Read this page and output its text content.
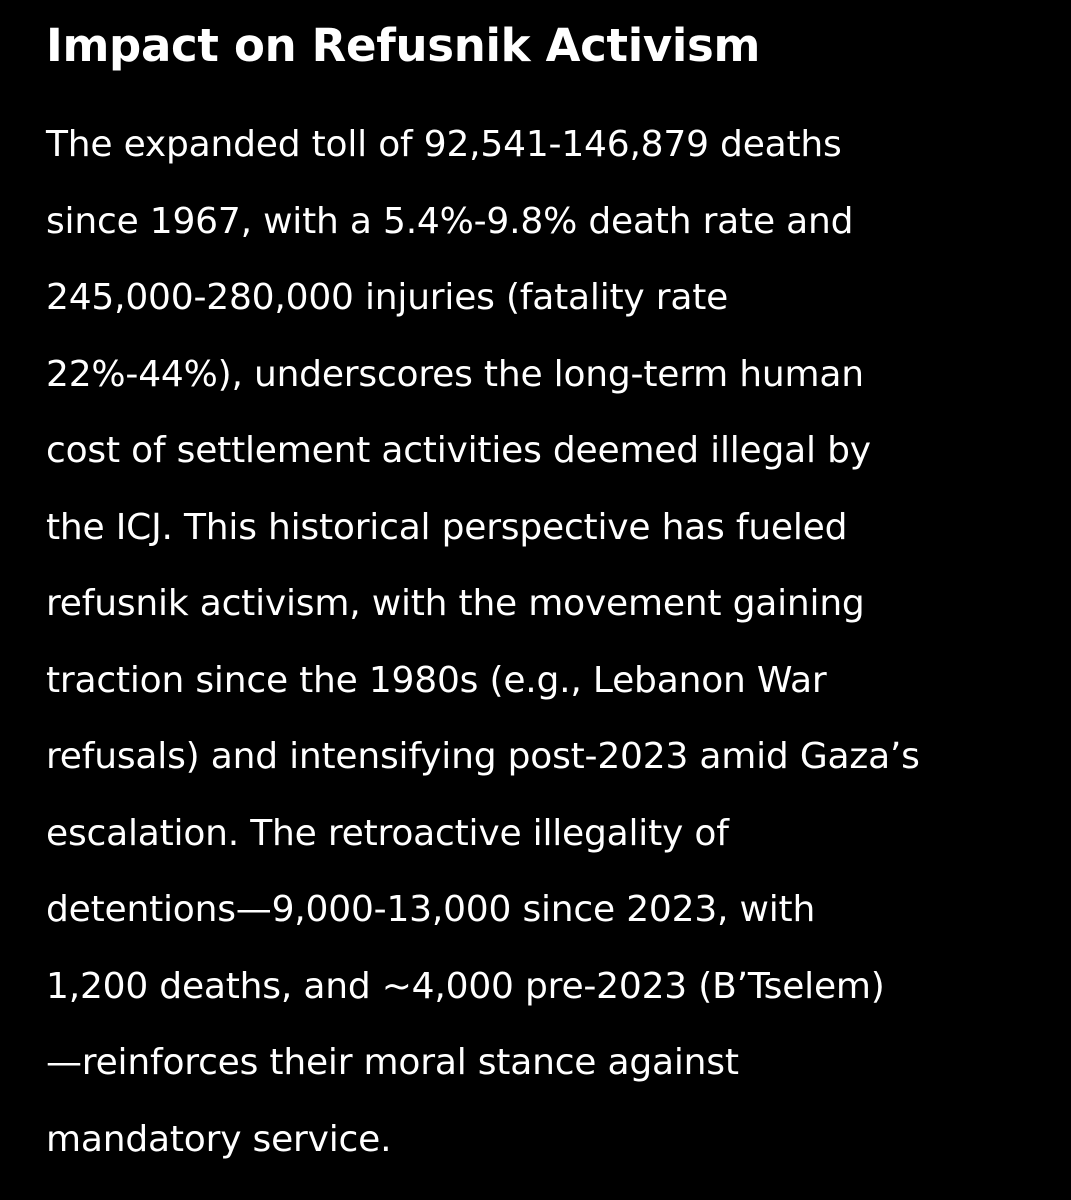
Impact on Refusnik Activism
The expanded toll of 92,541-146,879 deaths
since 1967, with a 5.4%-9.8% death rate and
245,000-280,000 injuries (fatality rate
22%-44%), underscores the long-term human
cost of settlement activities deemed illegal by
the ICJ. This historical perspective has fueled
refusnik activism, with the movement gaining
traction since the 1980s (e.g., Lebanon War
refusals) and intensifying post-2023 amid Gaza’s
escalation. The retroactive illegality of
detentions—9,000-13,000 since 2023, with
1,200 deaths, and ~4,000 pre-2023 (B’Tselem)
—reinforces their moral stance against
mandatory service.
